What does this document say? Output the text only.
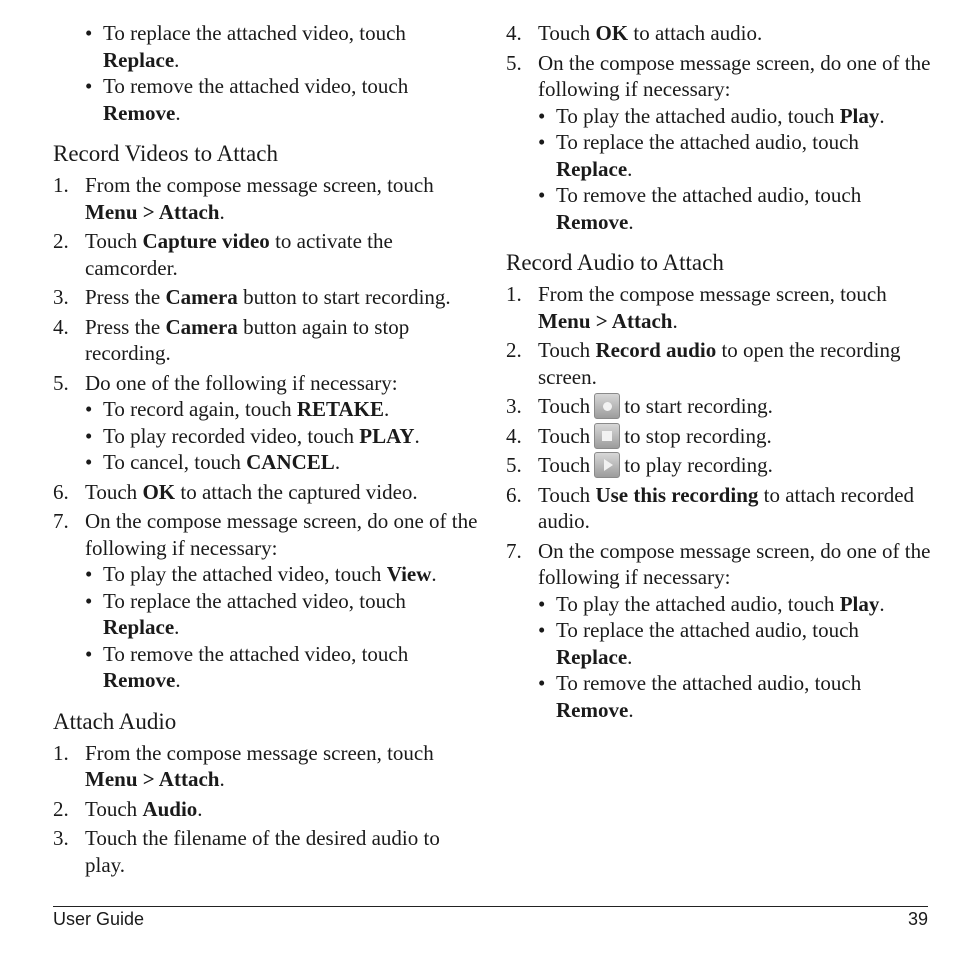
• To replace the attached video, touch Replace.
• To remove the attached video, touch Remove.
Record Videos to Attach
1. From the compose message screen, touch Menu > Attach.
2. Touch Capture video to activate the camcorder.
3. Press the Camera button to start recording.
4. Press the Camera button again to stop recording.
5. Do one of the following if necessary:
• To record again, touch RETAKE.
• To play recorded video, touch PLAY.
• To cancel, touch CANCEL.
6. Touch OK to attach the captured video.
7. On the compose message screen, do one of the following if necessary:
• To play the attached video, touch View.
• To replace the attached video, touch Replace.
• To remove the attached video, touch Remove.
Attach Audio
1. From the compose message screen, touch Menu > Attach.
2. Touch Audio.
3. Touch the filename of the desired audio to play.
4. Touch OK to attach audio.
5. On the compose message screen, do one of the following if necessary:
• To play the attached audio, touch Play.
• To replace the attached audio, touch Replace.
• To remove the attached audio, touch Remove.
Record Audio to Attach
1. From the compose message screen, touch Menu > Attach.
2. Touch Record audio to open the recording screen.
3. Touch to start recording.
4. Touch to stop recording.
5. Touch to play recording.
6. Touch Use this recording to attach recorded audio.
7. On the compose message screen, do one of the following if necessary:
• To play the attached audio, touch Play.
• To replace the attached audio, touch Replace.
• To remove the attached audio, touch Remove.
User Guide	39
